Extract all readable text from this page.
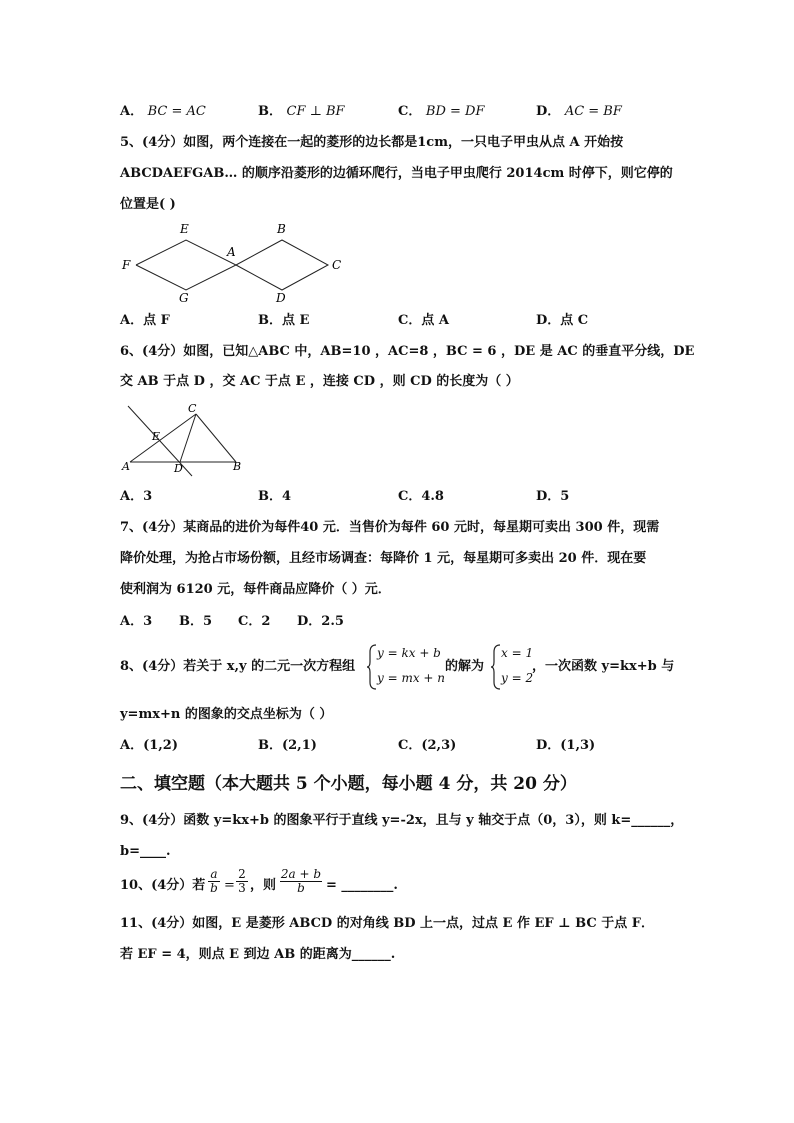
A． BC = AC	B． CF ⊥ BF	C． BD = DF	D． AC = BF
5、(4分）如图，两个连接在一起的菱形的边长都是1cm，一只电子甲虫从点 A 开始按
ABCDAEFGAB… 的顺序沿菱形的边循环爬行，当电子甲虫爬行 2014cm 时停下，则它停的
位置是( )
E	B
F
A
C
G	D
A．点 F	B．点 E	C．点 A	D．点 C
6、(4分）如图，已知△ABC 中，AB=10 ，AC=8 ，BC = 6 ，DE 是 AC 的垂直平分线，DE
交 AB 于点 D ，交 AC 于点 E ，连接 CD ，则 CD 的长度为（ ）
C
E
A	D	B
A．3	B．4	C．4.8	D．5
7、(4分）某商品的进价为每件40 元．当售价为每件 60 元时，每星期可卖出 300 件，现需
降价处理，为抢占市场份额，且经市场调查：每降价 1 元，每星期可多卖出 20 件．现在要
使利润为 6120 元，每件商品应降价（ ）元．
A．3 B．5 C．2 D．2.5
8、(4分）若关于 x,y 的二元一次方程组
y = kx + b
y = mx + n
的解为
x = 1
y = 2
，一次函数 y=kx+b 与
y=mx+n 的图象的交点坐标为（ ）
A．(1,2)	B．(2,1)	C．(2,3)	D．(1,3)
二、填空题（本大题共 5 个小题，每小题 4 分，共 20 分）
9、(4分）函数 y=kx+b 的图象平行于直线 y=-2x，且与 y 轴交于点（0，3），则 k=______，
b=____.
10、(4分）若 $\frac{a}{b} = \frac{2}{3}$ ，则 $\frac{2a + b}{b}$ = ________.
11、(4分）如图，E 是菱形 ABCD 的对角线 BD 上一点，过点 E 作 EF ⊥ BC 于点 F．
若 EF = 4，则点 E 到边 AB 的距离为______.
